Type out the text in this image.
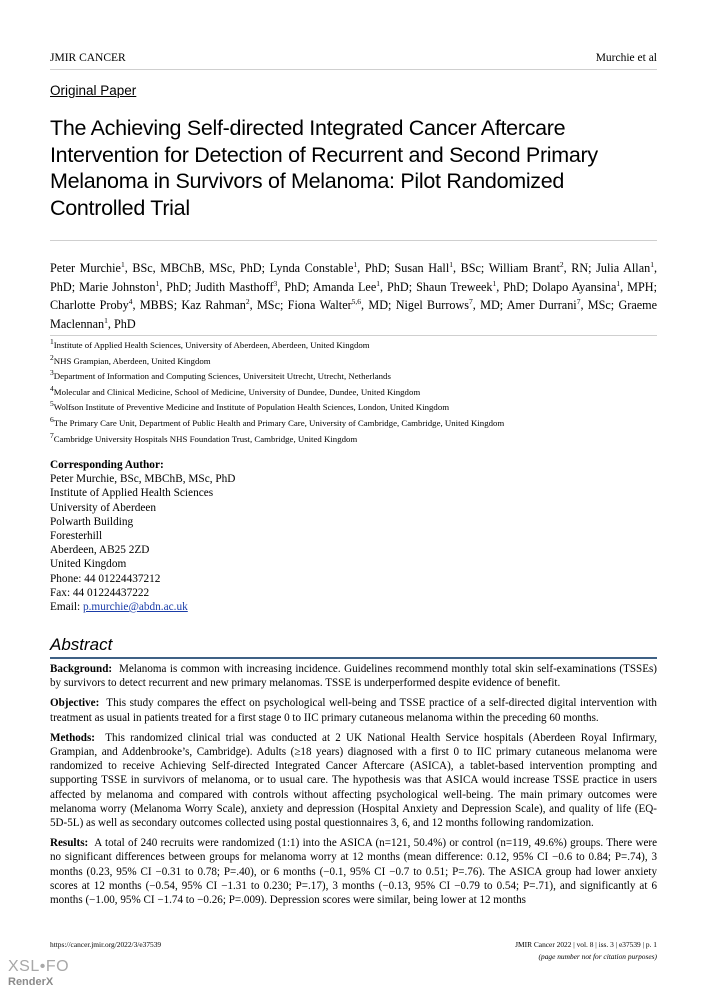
JMIR CANCER	Murchie et al
Original Paper
The Achieving Self-directed Integrated Cancer Aftercare Intervention for Detection of Recurrent and Second Primary Melanoma in Survivors of Melanoma: Pilot Randomized Controlled Trial
Peter Murchie$^1$, BSc, MBChB, MSc, PhD; Lynda Constable$^1$, PhD; Susan Hall$^1$, BSc; William Brant$^2$, RN; Julia Allan$^1$, PhD; Marie Johnston$^1$, PhD; Judith Masthoff$^3$, PhD; Amanda Lee$^1$, PhD; Shaun Treweek$^1$, PhD; Dolapo Ayansina$^1$, MPH; Charlotte Proby$^4$, MBBS; Kaz Rahman$^2$, MSc; Fiona Walter$^{5,6}$, MD; Nigel Burrows$^7$, MD; Amer Durrani$^7$, MSc; Graeme Maclennan$^1$, PhD
$^1$Institute of Applied Health Sciences, University of Aberdeen, Aberdeen, United Kingdom
$^2$NHS Grampian, Aberdeen, United Kingdom
$^3$Department of Information and Computing Sciences, Universiteit Utrecht, Utrecht, Netherlands
$^4$Molecular and Clinical Medicine, School of Medicine, University of Dundee, Dundee, United Kingdom
$^5$Wolfson Institute of Preventive Medicine and Institute of Population Health Sciences, London, United Kingdom
$^6$The Primary Care Unit, Department of Public Health and Primary Care, University of Cambridge, Cambridge, United Kingdom
$^7$Cambridge University Hospitals NHS Foundation Trust, Cambridge, United Kingdom
Corresponding Author:
Peter Murchie, BSc, MBChB, MSc, PhD
Institute of Applied Health Sciences
University of Aberdeen
Polwarth Building
Foresterhill
Aberdeen, AB25 2ZD
United Kingdom
Phone: 44 01224437212
Fax: 44 01224437222
Email: p.murchie@abdn.ac.uk
Abstract

Background: Melanoma is common with increasing incidence. Guidelines recommend monthly total skin self-examinations (TSSEs) by survivors to detect recurrent and new primary melanomas. TSSE is underperformed despite evidence of benefit.

Objective: This study compares the effect on psychological well-being and TSSE practice of a self-directed digital intervention with treatment as usual in patients treated for a first stage 0 to IIC primary cutaneous melanoma within the preceding 60 months.

Methods: This randomized clinical trial was conducted at 2 UK National Health Service hospitals (Aberdeen Royal Infirmary, Grampian, and Addenbrooke’s, Cambridge). Adults (≥18 years) diagnosed with a first 0 to IIC primary cutaneous melanoma were randomized to receive Achieving Self-directed Integrated Cancer Aftercare (ASICA), a tablet-based intervention prompting and supporting TSSE in survivors of melanoma, or to usual care. The hypothesis was that ASICA would increase TSSE practice in users affected by melanoma and compared with controls without affecting psychological well-being. The main primary outcomes were melanoma worry (Melanoma Worry Scale), anxiety and depression (Hospital Anxiety and Depression Scale), and quality of life (EQ-5D-5L) as well as secondary outcomes collected using postal questionnaires 3, 6, and 12 months following randomization.

Results: A total of 240 recruits were randomized (1:1) into the ASICA (n=121, 50.4%) or control (n=119, 49.6%) groups. There were no significant differences between groups for melanoma worry at 12 months (mean difference: 0.12, 95% CI −0.6 to 0.84; P=.74), 3 months (0.23, 95% CI −0.31 to 0.78; P=.40), or 6 months (−0.1, 95% CI −0.7 to 0.51; P=.76). The ASICA group had lower anxiety scores at 12 months (−0.54, 95% CI −1.31 to 0.230; P=.17), 3 months (−0.13, 95% CI −0.79 to 0.54; P=.71), and significantly at 6 months (−1.00, 95% CI −1.74 to −0.26; P=.009). Depression scores were similar, being lower at 12 months

https://cancer.jmir.org/2022/3/e37539	JMIR Cancer 2022 | vol. 8 | iss. 3 | e37539 | p. 1
(page number not for citation purposes)
XSL•FO
RenderX
